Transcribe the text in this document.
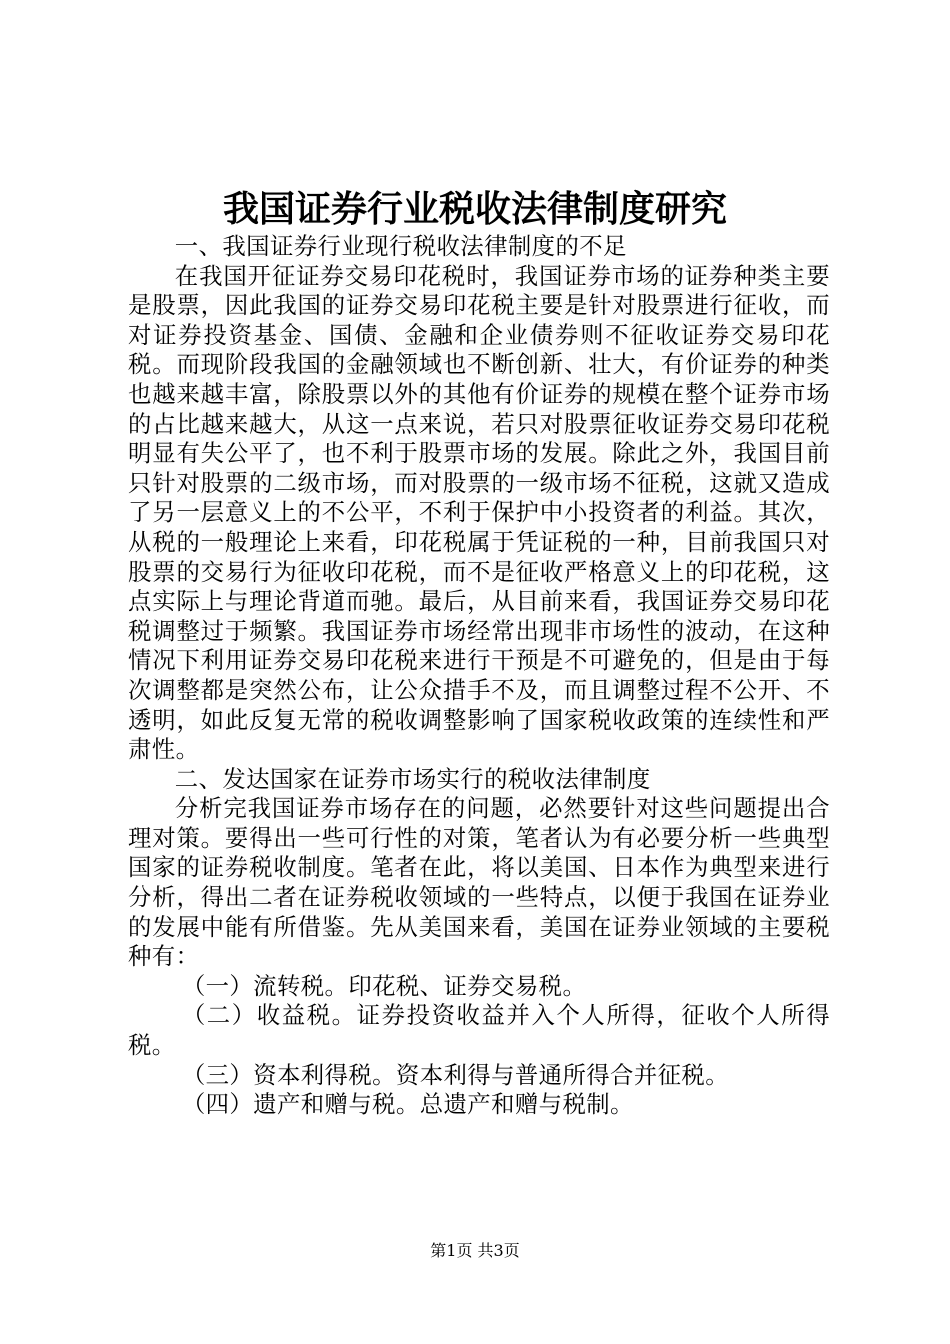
我国证券行业税收法律制度研究

一、我国证券行业现行税收法律制度的不足

在我国开征证券交易印花税时，我国证券市场的证券种类主要是股票，因此我国的证券交易印花税主要是针对股票进行征收，而对证券投资基金、国债、金融和企业债券则不征收证券交易印花税。而现阶段我国的金融领域也不断创新、壮大，有价证券的种类也越来越丰富，除股票以外的其他有价证券的规模在整个证券市场的占比越来越大，从这一点来说，若只对股票征收证券交易印花税明显有失公平了，也不利于股票市场的发展。除此之外，我国目前只针对股票的二级市场，而对股票的一级市场不征税，这就又造成了另一层意义上的不公平，不利于保护中小投资者的利益。其次，从税的一般理论上来看，印花税属于凭证税的一种，目前我国只对股票的交易行为征收印花税，而不是征收严格意义上的印花税，这点实际上与理论背道而驰。最后，从目前来看，我国证券交易印花税调整过于频繁。我国证券市场经常出现非市场性的波动，在这种情况下利用证券交易印花税来进行干预是不可避免的，但是由于每次调整都是突然公布，让公众措手不及，而且调整过程不公开、不透明，如此反复无常的税收调整影响了国家税收政策的连续性和严肃性。

二、发达国家在证券市场实行的税收法律制度

分析完我国证券市场存在的问题，必然要针对这些问题提出合理对策。要得出一些可行性的对策，笔者认为有必要分析一些典型国家的证券税收制度。笔者在此，将以美国、日本作为典型来进行分析，得出二者在证券税收领域的一些特点，以便于我国在证券业的发展中能有所借鉴。先从美国来看，美国在证券业领域的主要税种有：

（一）流转税。印花税、证券交易税。

（二）收益税。证券投资收益并入个人所得，征收个人所得税。

（三）资本利得税。资本利得与普通所得合并征税。

（四）遗产和赠与税。总遗产和赠与税制。

第1页 共3页
